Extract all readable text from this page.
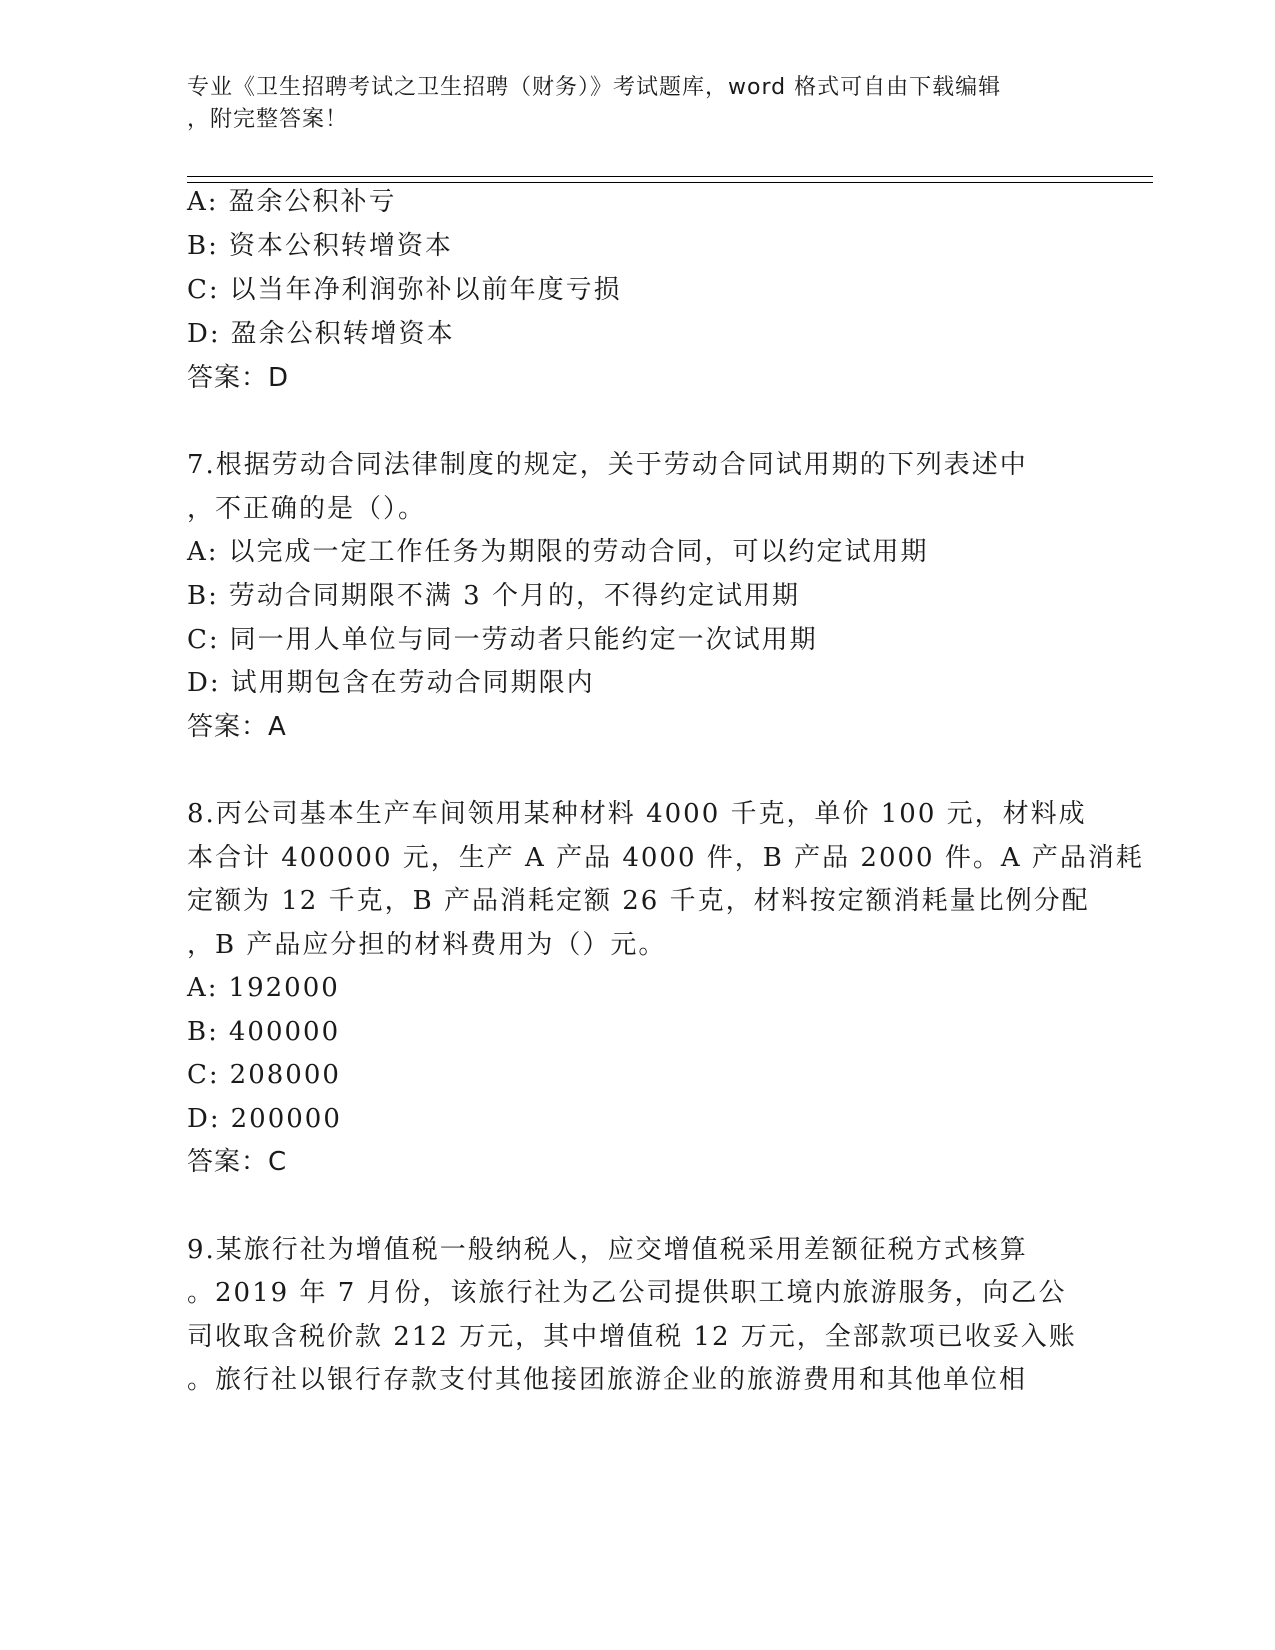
专业《卫生招聘考试之卫生招聘（财务）》考试题库，word 格式可自由下载编辑
，附完整答案！
A: 盈余公积补亏
B: 资本公积转增资本
C: 以当年净利润弥补以前年度亏损
D: 盈余公积转增资本
答案：D
7.根据劳动合同法律制度的规定，关于劳动合同试用期的下列表述中
，不正确的是（）。
A: 以完成一定工作任务为期限的劳动合同，可以约定试用期
B: 劳动合同期限不满 3 个月的，不得约定试用期
C: 同一用人单位与同一劳动者只能约定一次试用期
D: 试用期包含在劳动合同期限内
答案：A
8.丙公司基本生产车间领用某种材料 4000 千克，单价 100 元，材料成
本合计 400000 元，生产 A 产品 4000 件，B 产品 2000 件。A 产品消耗
定额为 12 千克，B 产品消耗定额 26 千克，材料按定额消耗量比例分配
，B 产品应分担的材料费用为（）元。
A: 192000
B: 400000
C: 208000
D: 200000
答案：C
9.某旅行社为增值税一般纳税人，应交增值税采用差额征税方式核算
。2019 年 7 月份，该旅行社为乙公司提供职工境内旅游服务，向乙公
司收取含税价款 212 万元，其中增值税 12 万元，全部款项已收妥入账
。旅行社以银行存款支付其他接团旅游企业的旅游费用和其他单位相
